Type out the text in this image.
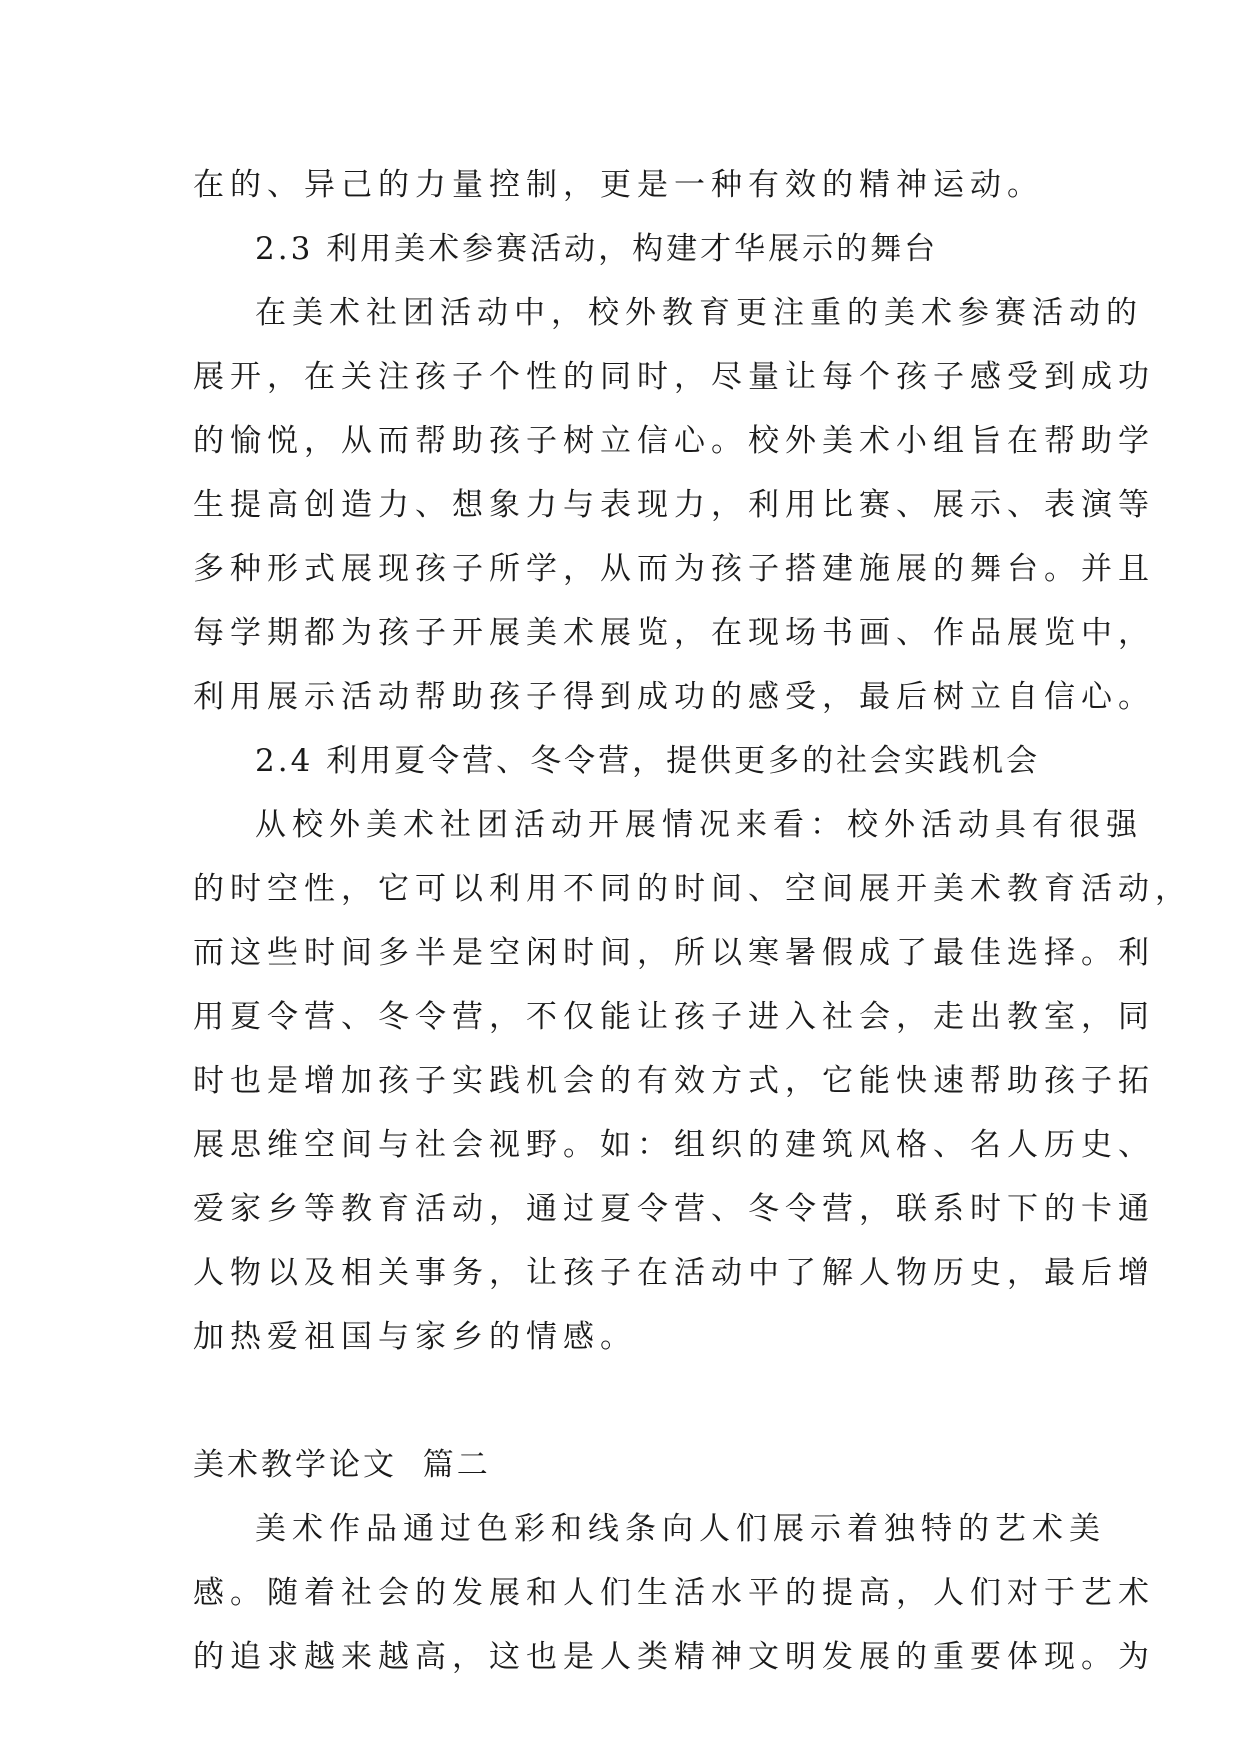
在的、异己的力量控制，更是一种有效的精神运动。

2.3 利用美术参赛活动，构建才华展示的舞台

在美术社团活动中，校外教育更注重的美术参赛活动的

展开，在关注孩子个性的同时，尽量让每个孩子感受到成功

的愉悦，从而帮助孩子树立信心。校外美术小组旨在帮助学

生提高创造力、想象力与表现力，利用比赛、展示、表演等

多种形式展现孩子所学，从而为孩子搭建施展的舞台。并且

每学期都为孩子开展美术展览，在现场书画、作品展览中，

利用展示活动帮助孩子得到成功的感受，最后树立自信心。

2.4 利用夏令营、冬令营，提供更多的社会实践机会

从校外美术社团活动开展情况来看：校外活动具有很强

的时空性，它可以利用不同的时间、空间展开美术教育活动，

而这些时间多半是空闲时间，所以寒暑假成了最佳选择。利

用夏令营、冬令营，不仅能让孩子进入社会，走出教室，同

时也是增加孩子实践机会的有效方式，它能快速帮助孩子拓

展思维空间与社会视野。如：组织的建筑风格、名人历史、

爱家乡等教育活动，通过夏令营、冬令营，联系时下的卡通

人物以及相关事务，让孩子在活动中了解人物历史，最后增

加热爱祖国与家乡的情感。

美术教学论文  篇二

美术作品通过色彩和线条向人们展示着独特的艺术美

感。随着社会的发展和人们生活水平的提高，人们对于艺术

的追求越来越高，这也是人类精神文明发展的重要体现。为
